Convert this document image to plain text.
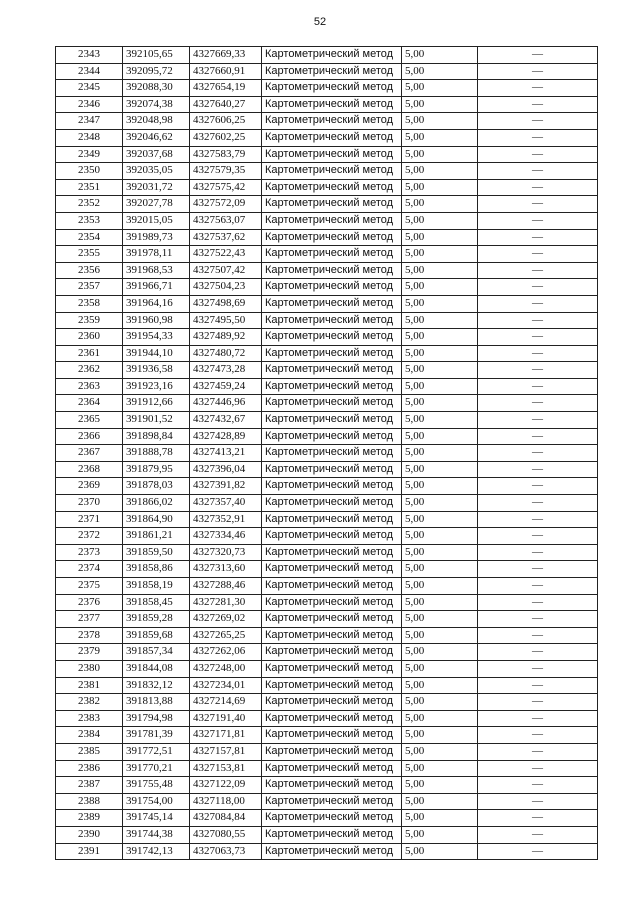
52
2343	392105,65	4327669,33	Картометрический метод	5,00	—
2344	392095,72	4327660,91	Картометрический метод	5,00	—
2345	392088,30	4327654,19	Картометрический метод	5,00	—
2346	392074,38	4327640,27	Картометрический метод	5,00	—
2347	392048,98	4327606,25	Картометрический метод	5,00	—
2348	392046,62	4327602,25	Картометрический метод	5,00	—
2349	392037,68	4327583,79	Картометрический метод	5,00	—
2350	392035,05	4327579,35	Картометрический метод	5,00	—
2351	392031,72	4327575,42	Картометрический метод	5,00	—
2352	392027,78	4327572,09	Картометрический метод	5,00	—
2353	392015,05	4327563,07	Картометрический метод	5,00	—
2354	391989,73	4327537,62	Картометрический метод	5,00	—
2355	391978,11	4327522,43	Картометрический метод	5,00	—
2356	391968,53	4327507,42	Картометрический метод	5,00	—
2357	391966,71	4327504,23	Картометрический метод	5,00	—
2358	391964,16	4327498,69	Картометрический метод	5,00	—
2359	391960,98	4327495,50	Картометрический метод	5,00	—
2360	391954,33	4327489,92	Картометрический метод	5,00	—
2361	391944,10	4327480,72	Картометрический метод	5,00	—
2362	391936,58	4327473,28	Картометрический метод	5,00	—
2363	391923,16	4327459,24	Картометрический метод	5,00	—
2364	391912,66	4327446,96	Картометрический метод	5,00	—
2365	391901,52	4327432,67	Картометрический метод	5,00	—
2366	391898,84	4327428,89	Картометрический метод	5,00	—
2367	391888,78	4327413,21	Картометрический метод	5,00	—
2368	391879,95	4327396,04	Картометрический метод	5,00	—
2369	391878,03	4327391,82	Картометрический метод	5,00	—
2370	391866,02	4327357,40	Картометрический метод	5,00	—
2371	391864,90	4327352,91	Картометрический метод	5,00	—
2372	391861,21	4327334,46	Картометрический метод	5,00	—
2373	391859,50	4327320,73	Картометрический метод	5,00	—
2374	391858,86	4327313,60	Картометрический метод	5,00	—
2375	391858,19	4327288,46	Картометрический метод	5,00	—
2376	391858,45	4327281,30	Картометрический метод	5,00	—
2377	391859,28	4327269,02	Картометрический метод	5,00	—
2378	391859,68	4327265,25	Картометрический метод	5,00	—
2379	391857,34	4327262,06	Картометрический метод	5,00	—
2380	391844,08	4327248,00	Картометрический метод	5,00	—
2381	391832,12	4327234,01	Картометрический метод	5,00	—
2382	391813,88	4327214,69	Картометрический метод	5,00	—
2383	391794,98	4327191,40	Картометрический метод	5,00	—
2384	391781,39	4327171,81	Картометрический метод	5,00	—
2385	391772,51	4327157,81	Картометрический метод	5,00	—
2386	391770,21	4327153,81	Картометрический метод	5,00	—
2387	391755,48	4327122,09	Картометрический метод	5,00	—
2388	391754,00	4327118,00	Картометрический метод	5,00	—
2389	391745,14	4327084,84	Картометрический метод	5,00	—
2390	391744,38	4327080,55	Картометрический метод	5,00	—
2391	391742,13	4327063,73	Картометрический метод	5,00	—
